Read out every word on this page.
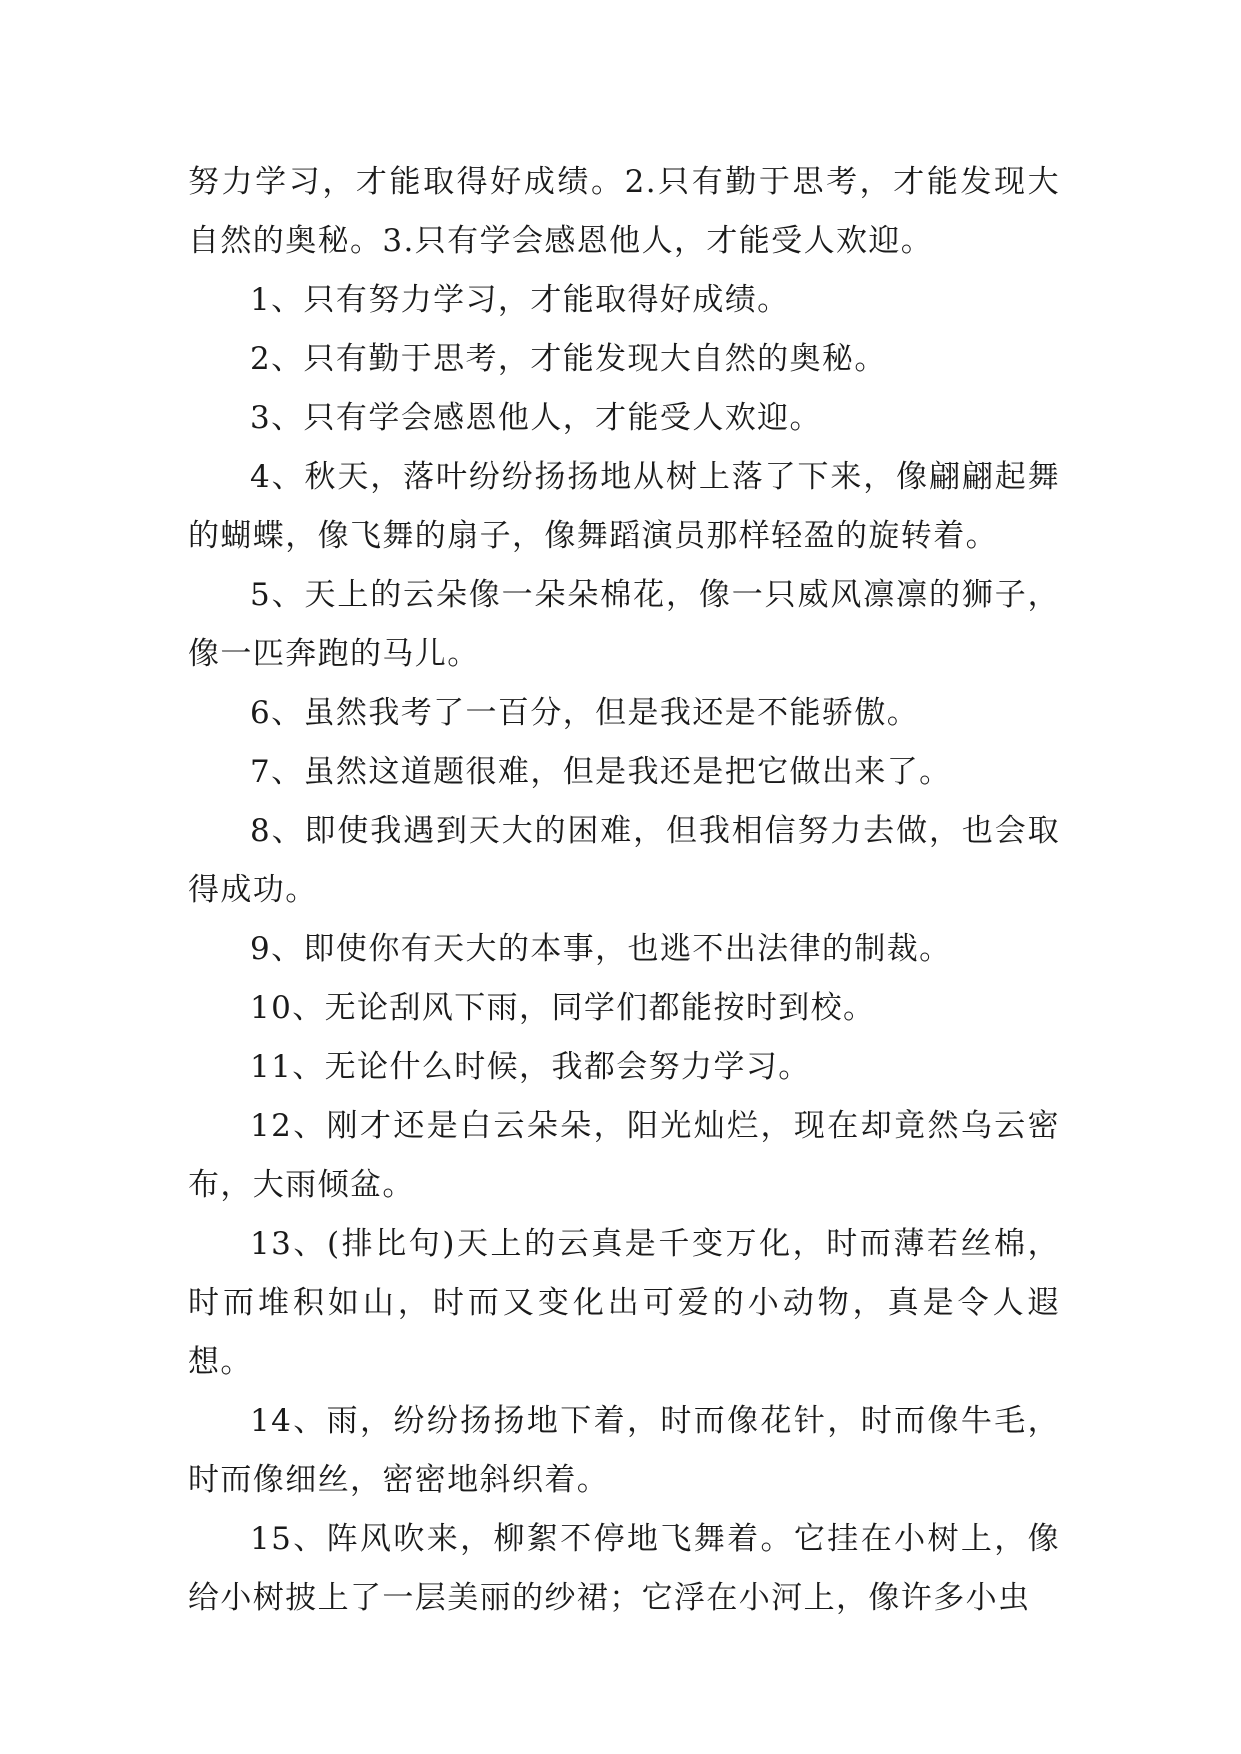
努力学习，才能取得好成绩。2.只有勤于思考，才能发现大自然的奥秘。3.只有学会感恩他人，才能受人欢迎。

1、只有努力学习，才能取得好成绩。

2、只有勤于思考，才能发现大自然的奥秘。

3、只有学会感恩他人，才能受人欢迎。

4、秋天，落叶纷纷扬扬地从树上落了下来，像翩翩起舞的蝴蝶，像飞舞的扇子，像舞蹈演员那样轻盈的旋转着。

5、天上的云朵像一朵朵棉花，像一只威风凛凛的狮子，像一匹奔跑的马儿。

6、虽然我考了一百分，但是我还是不能骄傲。

7、虽然这道题很难，但是我还是把它做出来了。

8、即使我遇到天大的困难，但我相信努力去做，也会取得成功。

9、即使你有天大的本事，也逃不出法律的制裁。

10、无论刮风下雨，同学们都能按时到校。

11、无论什么时候，我都会努力学习。

12、刚才还是白云朵朵，阳光灿烂，现在却竟然乌云密布，大雨倾盆。

13、(排比句)天上的云真是千变万化，时而薄若丝棉，时而堆积如山，时而又变化出可爱的小动物，真是令人遐想。

14、雨，纷纷扬扬地下着，时而像花针，时而像牛毛，时而像细丝，密密地斜织着。

15、阵风吹来，柳絮不停地飞舞着。它挂在小树上，像给小树披上了一层美丽的纱裙；它浮在小河上，像许多小虫
